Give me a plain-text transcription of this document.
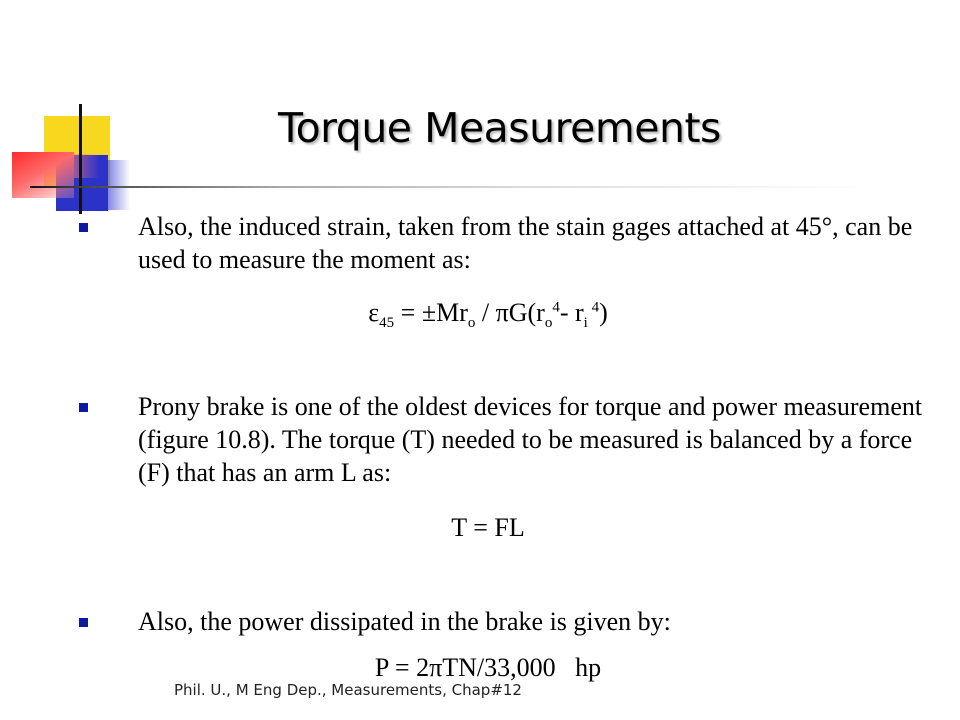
Torque Measurements

Also, the induced strain, taken from the stain gages attached at 45°, can be used to measure the moment as:

$\varepsilon_{45} = \pm Mr_o / \pi G(r_o^4-$ $r_i$ $^4$)

Prony brake is one of the oldest devices for torque and power measurement (figure 10.8). The torque (T) needed to be measured is balanced by a force (F) that has an arm L as:

T = FL

Also, the power dissipated in the brake is given by:

P = 2πTN/33,000   hp
Phil. U., M Eng Dep., Measurements, Chap#12
